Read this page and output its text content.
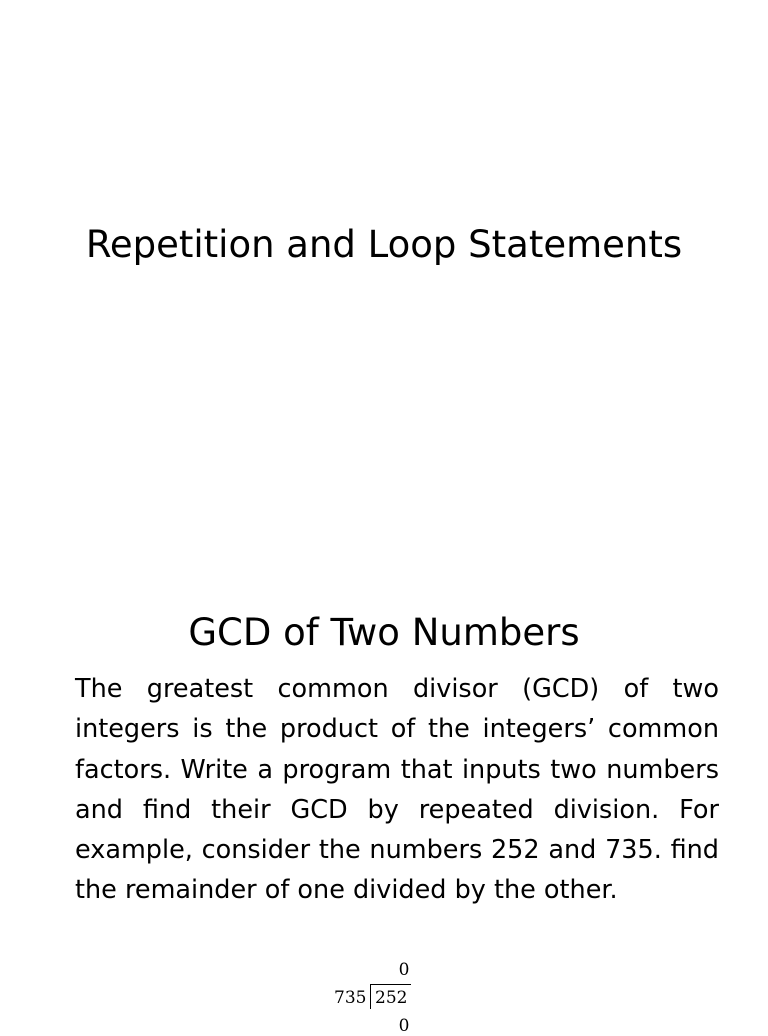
Repetition and Loop Statements
GCD of Two Numbers

The greatest common divisor (GCD) of two integers is the product of the integers’ common factors. Write a program that inputs two numbers and find their GCD by repeated division. For example, consider the numbers 252 and 735. find the remainder of one divided by the other.

0
735 252
0
